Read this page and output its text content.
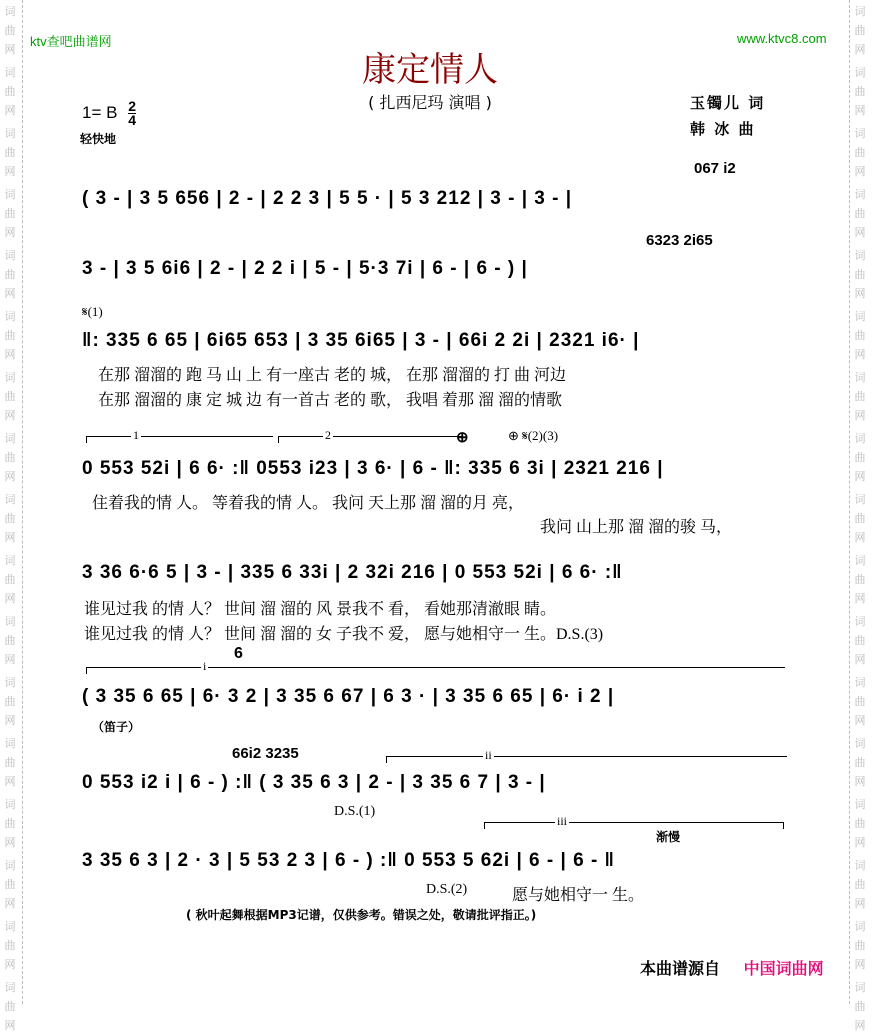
词
曲
网
词
曲
网
词
曲
网
词
曲
网
词
曲
网
词
曲
网
词
曲
网
词
曲
网
词
曲
网
词
曲
网
词
曲
网
词
曲
网
词
曲
网
词
曲
网
词
曲
网
词
曲
网
词
曲
网
词
曲
网
词
曲
网
词
曲
网
词
曲
网
词
曲
网
词
曲
网
词
曲
网
词
曲
网
词
曲
网
词
曲
网
词
曲
网
词
曲
网
词
曲
网
词
曲
网
词
曲
网
词
曲
网
词
曲
网
ktv查吧曲谱网	www.ktvc8.com
康定情人
( 扎西尼玛 演唱 )
1= B $\frac{2}{4}$
轻快地
玉镯儿 词
韩 冰 曲
067 i2
( 3 - | 3 5 656 | 2 - | 2 2 3 | 5 5 · | 5 3 212 | 3 - | 3 - |
6323 2i65
3 - | 3 5 6i6 | 2 - | 2 2 i | 5 - | 5·3 7i | 6 - | 6 - ) |
𝄋(1)
‖: 335 6 65 | 6i65 653 | 3 35 6i65 | 3 - | 66i 2 2i | 2321 i6· |
在那 溜溜的 跑 马 山 上 有一座古 老的 城， 在那 溜溜的 打 曲 河边
在那 溜溜的 康 定 城 边 有一首古 老的 歌， 我唱 着那 溜 溜的情歌
1	2	⊕	⊕ 𝄋(2)(3)
0 553 52i | 6 6· :‖ 0553 i23 | 3 6· | 6 - ‖: 335 6 3i | 2321 216 |
住着我的情 人。 等着我的情 人。 我问 天上那 溜 溜的月 亮，
我问 山上那 溜 溜的骏 马，
3 36 6·6 5 | 3 - | 335 6 33i | 2 32i 216 | 0 553 52i | 6 6· :‖
谁见过我 的情 人？ 世间 溜 溜的 风 景我不 看， 看她那清澈眼 睛。
谁见过我 的情 人？ 世间 溜 溜的 女 子我不 爱， 愿与她相守一 生。D.S.(3)
6
i
( 3 35 6 65 | 6· 3 2 | 3 35 6 67 | 6 3 · | 3 35 6 65 | 6· i 2 |
（笛子）
66i2 3235	ii
0 553 i2 i | 6 - ) :‖ ( 3 35 6 3 | 2 - | 3 35 6 7 | 3 - |
D.S.(1)
iii
渐慢
3 35 6 3 | 2 · 3 | 5 53 2 3 | 6 - ) :‖ 0 553 5 62i | 6 - | 6 - ‖
D.S.(2)	愿与她相守一 生。
( 秋叶起舞根据MP3记谱，仅供参考。错误之处，敬请批评指正。)
本曲谱源自 中国词曲网
